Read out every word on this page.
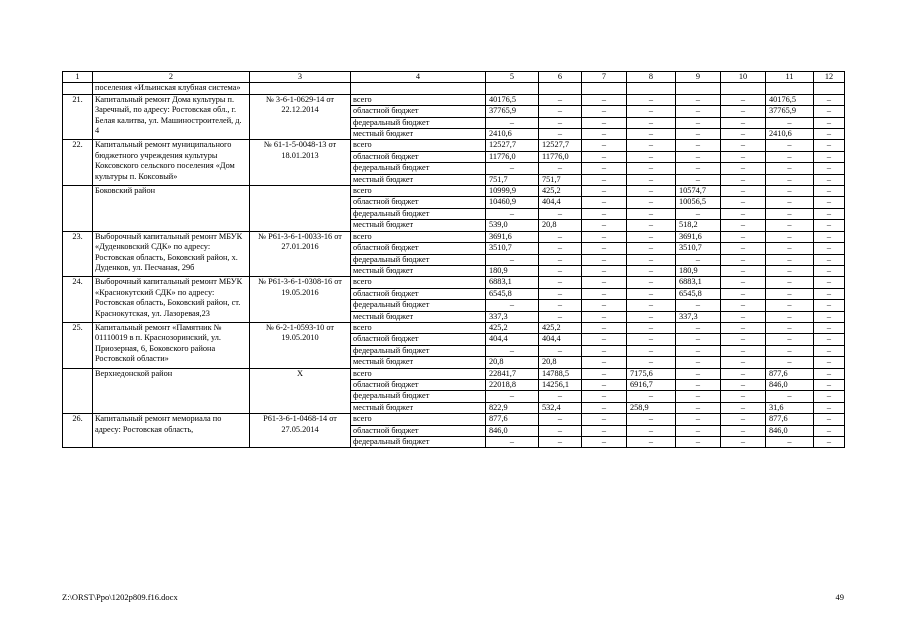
1	2	3	4	5	6	7	8	9	10	11	12
	поселения «Ильинская клубная система»										
21.	Капитальный ремонт Дома культуры п. Заречный, по адресу: Ростовская обл., г. Белая калитва, ул. Машиностроителей, д. 4	№ 3-6-1-0629-14 от 22.12.2014	всего	40176,5	–	–	–	–	–	40176,5	–
			областной бюджет	37765,9	–	–	–	–	–	37765,9	–
			федеральный бюджет	–	–	–	–	–	–	–	–
			местный бюджет	2410,6	–	–	–	–	–	2410,6	–
22.	Капитальный ремонт муниципального бюджетного учреждения культуры Коксовского сельского поселения «Дом культуры п. Коксовый»	№ 61-1-5-0048-13 от 18.01.2013	всего	12527,7	12527,7	–	–	–	–	–	–
			областной бюджет	11776,0	11776,0	–	–	–	–	–	–
			федеральный бюджет	–	–	–	–	–	–	–	–
			местный бюджет	751,7	751,7	–	–	–	–	–	–
	Боковский район		всего	10999,9	425,2	–	–	10574,7	–	–	–
			областной бюджет	10460,9	404,4	–	–	10056,5	–	–	–
			федеральный бюджет	–	–	–	–	–	–	–	–
			местный бюджет	539,0	20,8	–	–	518,2	–	–	–
23.	Выборочный капитальный ремонт МБУК «Дуденковский СДК» по адресу: Ростовская область, Боковский район, х. Дуденков, ул. Песчаная, 29б	№ Р61-3-6-1-0033-16 от 27.01.2016	всего	3691,6	–	–	–	3691,6	–	–	–
			областной бюджет	3510,7	–	–	–	3510,7	–	–	–
			федеральный бюджет	–	–	–	–	–	–	–	–
			местный бюджет	180,9	–	–	–	180,9	–	–	–
24.	Выборочный капитальный ремонт МБУК «Краснокутский СДК» по адресу: Ростовская область, Боковский район, ст. Краснокутская, ул. Лазоревая,23	№ Р61-3-6-1-0308-16 от 19.05.2016	всего	6883,1	–	–	–	6883,1	–	–	–
			областной бюджет	6545,8	–	–	–	6545,8	–	–	–
			федеральный бюджет	–	–	–	–	–	–	–	–
			местный бюджет	337,3	–	–	–	337,3	–	–	–
25.	Капитальный ремонт «Памятник № 01110019 в п. Краснозоринский, ул. Приозерная, 6, Боковского района Ростовской области»	№ 6-2-1-0593-10 от 19.05.2010	всего	425,2	425,2	–	–	–	–	–	–
			областной бюджет	404,4	404,4	–	–	–	–	–	–
			федеральный бюджет	–	–	–	–	–	–	–	–
			местный бюджет	20,8	20,8	–	–	–	–	–	–
	Верхнедонской район	Х	всего	22841,7	14788,5	–	7175,6	–	–	877,6	–
			областной бюджет	22018,8	14256,1	–	6916,7	–	–	846,0	–
			федеральный бюджет	–	–	–	–	–	–	–	–
			местный бюджет	822,9	532,4	–	258,9	–	–	31,6	–
26.	Капитальный ремонт мемориала по адресу: Ростовская область,	Р61-3-6-1-0468-14 от 27.05.2014	всего	877,6	–	–	–	–	–	877,6	–
			областной бюджет	846,0	–	–	–	–	–	846,0	–
			федеральный бюджет	–	–	–	–	–	–	–	–
Z:\ORST\Ppo\1202p809.f16.docx	49
